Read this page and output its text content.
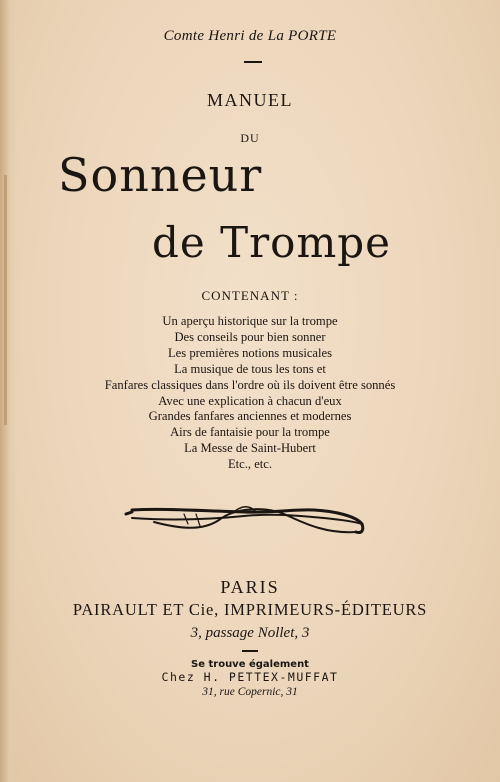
Comte Henri de La PORTE
MANUEL
DU
Sonneur
de Trompe
CONTENANT :
Un aperçu historique sur la trompe
Des conseils pour bien sonner
Les premières notions musicales
La musique de tous les tons et
Fanfares classiques dans l'ordre où ils doivent être sonnés
Avec une explication à chacun d'eux
Grandes fanfares anciennes et modernes
Airs de fantaisie pour la trompe
La Messe de Saint-Hubert
Etc., etc.
PARIS
PAIRAULT ET Cie, IMPRIMEURS-ÉDITEURS
3, passage Nollet, 3
Se trouve également
Chez H. PETTEX-MUFFAT
31, rue Copernic, 31
